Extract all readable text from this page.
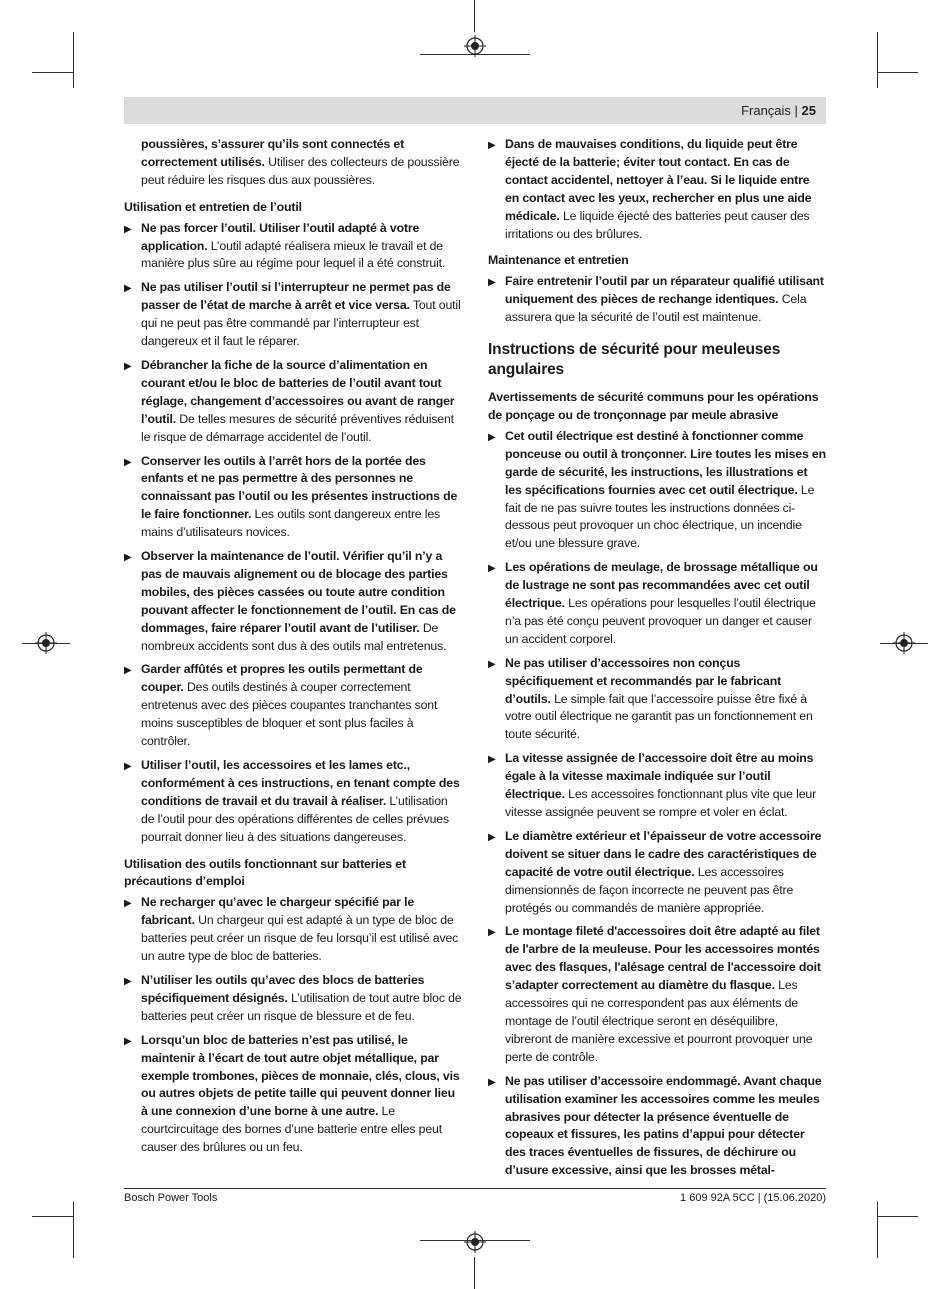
Français | 25

poussières, s’assurer qu’ils sont connectés et correctement utilisés. Utiliser des collecteurs de poussière peut réduire les risques dus aux poussières.

Utilisation et entretien de l’outil

▶ Ne pas forcer l’outil. Utiliser l’outil adapté à votre application. L’outil adapté réalisera mieux le travail et de manière plus sûre au régime pour lequel il a été construit.
▶ Ne pas utiliser l’outil si l’interrupteur ne permet pas de passer de l’état de marche à arrêt et vice versa. Tout outil qui ne peut pas être commandé par l’interrupteur est dangereux et il faut le réparer.
▶ Débrancher la fiche de la source d’alimentation en courant et/ou le bloc de batteries de l’outil avant tout réglage, changement d’accessoires ou avant de ranger l’outil. De telles mesures de sécurité préventives réduisent le risque de démarrage accidentel de l’outil.
▶ Conserver les outils à l’arrêt hors de la portée des enfants et ne pas permettre à des personnes ne connaissant pas l’outil ou les présentes instructions de le faire fonctionner. Les outils sont dangereux entre les mains d’utilisateurs novices.
▶ Observer la maintenance de l’outil. Vérifier qu’il n’y a pas de mauvais alignement ou de blocage des parties mobiles, des pièces cassées ou toute autre condition pouvant affecter le fonctionnement de l’outil. En cas de dommages, faire réparer l’outil avant de l’utiliser. De nombreux accidents sont dus à des outils mal entretenus.
▶ Garder affûtés et propres les outils permettant de couper. Des outils destinés à couper correctement entretenus avec des pièces coupantes tranchantes sont moins susceptibles de bloquer et sont plus faciles à contrôler.
▶ Utiliser l’outil, les accessoires et les lames etc., conformément à ces instructions, en tenant compte des conditions de travail et du travail à réaliser. L’utilisation de l’outil pour des opérations différentes de celles prévues pourrait donner lieu à des situations dangereuses.

Utilisation des outils fonctionnant sur batteries et précautions d’emploi

▶ Ne recharger qu’avec le chargeur spécifié par le fabricant. Un chargeur qui est adapté à un type de bloc de batteries peut créer un risque de feu lorsqu’il est utilisé avec un autre type de bloc de batteries.
▶ N’utiliser les outils qu’avec des blocs de batteries spécifiquement désignés. L’utilisation de tout autre bloc de batteries peut créer un risque de blessure et de feu.
▶ Lorsqu’un bloc de batteries n’est pas utilisé, le maintenir à l’écart de tout autre objet métallique, par exemple trombones, pièces de monnaie, clés, clous, vis ou autres objets de petite taille qui peuvent donner lieu à une connexion d’une borne à une autre. Le courtcircuitage des bornes d’une batterie entre elles peut causer des brûlures ou un feu.
▶ Dans de mauvaises conditions, du liquide peut être éjecté de la batterie; éviter tout contact. En cas de contact accidentel, nettoyer à l’eau. Si le liquide entre en contact avec les yeux, rechercher en plus une aide médicale. Le liquide éjecté des batteries peut causer des irritations ou des brûlures.

Maintenance et entretien

▶ Faire entretenir l’outil par un réparateur qualifié utilisant uniquement des pièces de rechange identiques. Cela assurera que la sécurité de l’outil est maintenue.

Instructions de sécurité pour meuleuses angulaires

Avertissements de sécurité communs pour les opérations de ponçage ou de tronçonnage par meule abrasive

▶ Cet outil électrique est destiné à fonctionner comme ponceuse ou outil à tronçonner. Lire toutes les mises en garde de sécurité, les instructions, les illustrations et les spécifications fournies avec cet outil électrique. Le fait de ne pas suivre toutes les instructions données ci-dessous peut provoquer un choc électrique, un incendie et/ou une blessure grave.
▶ Les opérations de meulage, de brossage métallique ou de lustrage ne sont pas recommandées avec cet outil électrique. Les opérations pour lesquelles l’outil électrique n’a pas été conçu peuvent provoquer un danger et causer un accident corporel.
▶ Ne pas utiliser d’accessoires non conçus spécifiquement et recommandés par le fabricant d’outils. Le simple fait que l’accessoire puisse être fixé à votre outil électrique ne garantit pas un fonctionnement en toute sécurité.
▶ La vitesse assignée de l’accessoire doit être au moins égale à la vitesse maximale indiquée sur l’outil électrique. Les accessoires fonctionnant plus vite que leur vitesse assignée peuvent se rompre et voler en éclat.
▶ Le diamètre extérieur et l’épaisseur de votre accessoire doivent se situer dans le cadre des caractéristiques de capacité de votre outil électrique. Les accessoires dimensionnés de façon incorrecte ne peuvent pas être protégés ou commandés de manière appropriée.
▶ Le montage fileté d'accessoires doit être adapté au filet de l'arbre de la meuleuse. Pour les accessoires montés avec des flasques, l'alésage central de l'accessoire doit s’adapter correctement au diamètre du flasque. Les accessoires qui ne correspondent pas aux éléments de montage de l’outil électrique seront en déséquilibre, vibreront de manière excessive et pourront provoquer une perte de contrôle.
▶ Ne pas utiliser d’accessoire endommagé. Avant chaque utilisation examiner les accessoires comme les meules abrasives pour détecter la présence éventuelle de copeaux et fissures, les patins d’appui pour détecter des traces éventuelles de fissures, de déchirure ou d’usure excessive, ainsi que les brosses métal-
Bosch Power Tools	1 609 92A 5CC | (15.06.2020)
